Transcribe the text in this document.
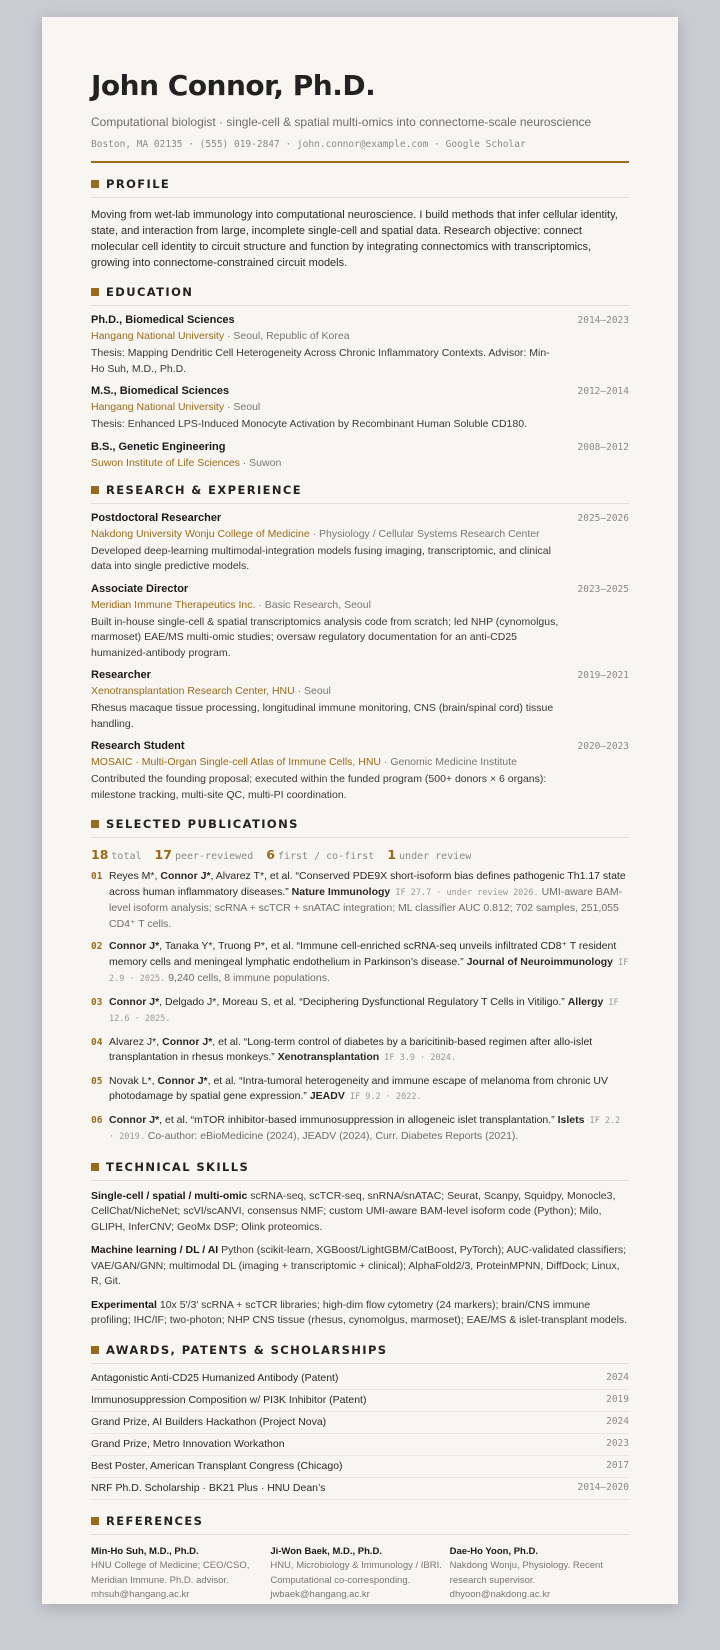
John Connor, Ph.D.
Computational biologist · single-cell & spatial multi-omics into connectome-scale neuroscience
Boston, MA 02135 · (555) 019-2847 · john.connor@example.com · Google Scholar
PROFILE
Moving from wet-lab immunology into computational neuroscience. I build methods that infer cellular identity, state, and interaction from large, incomplete single-cell and spatial data. Research objective: connect molecular cell identity to circuit structure and function by integrating connectomics with transcriptomics, growing into connectome-constrained circuit models.
EDUCATION
Ph.D., Biomedical Sciences	2014–2023
Hangang National University · Seoul, Republic of Korea
Thesis: Mapping Dendritic Cell Heterogeneity Across Chronic Inflammatory Contexts. Advisor: Min-Ho Suh, M.D., Ph.D.
M.S., Biomedical Sciences	2012–2014
Hangang National University · Seoul
Thesis: Enhanced LPS-Induced Monocyte Activation by Recombinant Human Soluble CD180.
B.S., Genetic Engineering	2008–2012
Suwon Institute of Life Sciences · Suwon
RESEARCH & EXPERIENCE
Postdoctoral Researcher	2025–2026
Nakdong University Wonju College of Medicine · Physiology / Cellular Systems Research Center
Developed deep-learning multimodal-integration models fusing imaging, transcriptomic, and clinical data into single predictive models.
Associate Director	2023–2025
Meridian Immune Therapeutics Inc. · Basic Research, Seoul
Built in-house single-cell & spatial transcriptomics analysis code from scratch; led NHP (cynomolgus, marmoset) EAE/MS multi-omic studies; oversaw regulatory documentation for an anti-CD25 humanized-antibody program.
Researcher	2019–2021
Xenotransplantation Research Center, HNU · Seoul
Rhesus macaque tissue processing, longitudinal immune monitoring, CNS (brain/spinal cord) tissue handling.
Research Student	2020–2023
MOSAIC · Multi-Organ Single-cell Atlas of Immune Cells, HNU · Genomic Medicine Institute
Contributed the founding proposal; executed within the funded program (500+ donors × 6 organs): milestone tracking, multi-site QC, multi-PI coordination.
SELECTED PUBLICATIONS
18 total 17 peer-reviewed 6 first / co-first 1 under review
01 Reyes M*, Connor J*, Alvarez T*, et al. “Conserved PDE9X short-isoform bias defines pathogenic Th1.17 state across human inflammatory diseases.” Nature Immunology IF 27.7 · under review 2026. UMI-aware BAM-level isoform analysis; scRNA + scTCR + snATAC integration; ML classifier AUC 0.812; 702 samples, 251,055 CD4⁺ T cells.
02 Connor J*, Tanaka Y*, Truong P*, et al. “Immune cell-enriched scRNA-seq unveils infiltrated CD8⁺ T resident memory cells and meningeal lymphatic endothelium in Parkinson’s disease.” Journal of Neuroimmunology IF 2.9 · 2025. 9,240 cells, 8 immune populations.
03 Connor J*, Delgado J*, Moreau S, et al. “Deciphering Dysfunctional Regulatory T Cells in Vitiligo.” Allergy IF 12.6 · 2025.
04 Alvarez J*, Connor J*, et al. “Long-term control of diabetes by a baricitinib-based regimen after allo-islet transplantation in rhesus monkeys.” Xenotransplantation IF 3.9 · 2024.
05 Novak L*, Connor J*, et al. “Intra-tumoral heterogeneity and immune escape of melanoma from chronic UV photodamage by spatial gene expression.” JEADV IF 9.2 · 2022.
06 Connor J*, et al. “mTOR inhibitor-based immunosuppression in allogeneic islet transplantation.” Islets IF 2.2 · 2019. Co-author: eBioMedicine (2024), JEADV (2024), Curr. Diabetes Reports (2021).
TECHNICAL SKILLS
Single-cell / spatial / multi-omic scRNA-seq, scTCR-seq, snRNA/snATAC; Seurat, Scanpy, Squidpy, Monocle3, CellChat/NicheNet; scVI/scANVI, consensus NMF; custom UMI-aware BAM-level isoform code (Python); Milo, GLIPH, InferCNV; GeoMx DSP; Olink proteomics.
Machine learning / DL / AI Python (scikit-learn, XGBoost/LightGBM/CatBoost, PyTorch); AUC-validated classifiers; VAE/GAN/GNN; multimodal DL (imaging + transcriptomic + clinical); AlphaFold2/3, ProteinMPNN, DiffDock; Linux, R, Git.
Experimental 10x 5′/3′ scRNA + scTCR libraries; high-dim flow cytometry (24 markers); brain/CNS immune profiling; IHC/IF; two-photon; NHP CNS tissue (rhesus, cynomolgus, marmoset); EAE/MS & islet-transplant models.
AWARDS, PATENTS & SCHOLARSHIPS
Antagonistic Anti-CD25 Humanized Antibody (Patent)	2024
Immunosuppression Composition w/ PI3K Inhibitor (Patent)	2019
Grand Prize, AI Builders Hackathon (Project Nova)	2024
Grand Prize, Metro Innovation Workathon	2023
Best Poster, American Transplant Congress (Chicago)	2017
NRF Ph.D. Scholarship · BK21 Plus · HNU Dean’s	2014–2020
REFERENCES
Min-Ho Suh, M.D., Ph.D.
HNU College of Medicine; CEO/CSO, Meridian Immune. Ph.D. advisor.
mhsuh@hangang.ac.kr
Ji-Won Baek, M.D., Ph.D.
HNU, Microbiology & Immunology / IBRI. Computational co-corresponding.
jwbaek@hangang.ac.kr
Dae-Ho Yoon, Ph.D.
Nakdong Wonju, Physiology. Recent research supervisor.
dhyoon@nakdong.ac.kr
